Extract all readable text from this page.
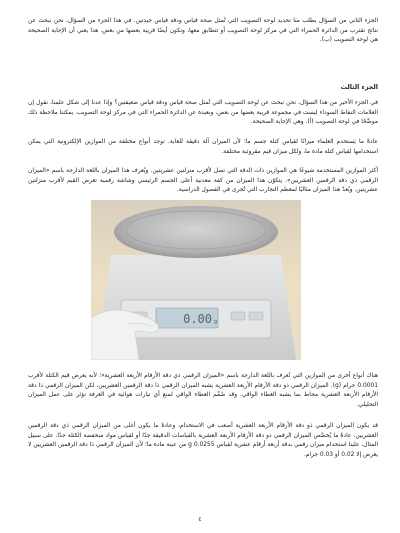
الجزء الثاني من السؤال يطلب منا تحديد لوحة التصويب التي تُمثل صحة قياس ودقة قياس جيدتين. في هذا الجزء من السؤال، نحن نبحث عن نتائج تقترب من الدائرة الحمراء التي في مركز لوحة التصويب أو تتطابق معها، وتكون أيضًا قريبة بعضها من بعض. هذا يعني أن الإجابة الصحيحة هي لوحة التصويب (ب).

الجزء الثالث

في الجزء الأخير من هذا السؤال، نحن نبحث عن لوحة التصويب التي تُمثل صحة قياس ودقة قياس ضعيفتين؟ وإذا عدنا إلى شكل علمنا، نقول إن العلامات النقاط السوداء ليست في مجموعة قريبة بعضها من بعض، وبعيدة عن الدائرة الحمراء التي في مركز لوحة التصويب. يمكننا ملاحظة ذلك موضَّحًا في لوحة التصويب (أ). وهي الإجابة الصحيحة.

عادةً ما يَستخدم العلماء ميزانًا لقياس كتلة جسم ما؛ لأن الميزان آلة دقيقة للغاية. توجد أنواع مختلفة من الموازين الإلكترونية التي يمكن استخدامها لقياس كتلة مادة ما، ولكل ميزان قيم مقروئية مختلفة.

أكثر الموازين المستخدمة شيوعًا هي الموازين ذات الدقة التي تصل لأقرب منزلتين عشريتين. ويُعرف هذا الميزان باللغة الدارجة باسم «الميزان الرقمي ذي دقة الرقمين العشريين». يتكوّن هذا الميزان من كفة معدنية أعلى الجسم الرئيسي وشاشة رقمية تعرض القيم لأقرب منزلتين عشريتين. ويُعدّ هذا الميزان مثاليًا لمعظم التجارب التي تُجرى في الفصول الدراسية.

0.00 g

هناك أنواع أخرى من الموازين التي تُعرف باللغة الدارجة باسم «الميزان الرقمي ذي دقة الأرقام الأربعة العشرية»؛ لأنه يعرض قيم الكتلة لأقرب 0.0001 جرام (g). الميزان الرقمي ذو دقة الأرقام الأربعة العشرية يشبه الميزان الرقمي ذا دقة الرقمين العشريين، لكن الميزان الرقمي ذا دقة الأرقام الأربعة العشرية محاط بما يشبه الغطاء الواقي. وقد صُمِّم الغطاء الواقي لمنع أي تيارات هوائية في الغرفة تؤثر على عمل الميزان التحليلي.

قد يكون الميزان الرقمي ذو دقة الأرقام الأربعة العشرية أصعب في الاستخدام، وعادةً ما يكون أغلى من الميزان الرقمي ذي دقة الرقمين العشريين. عادةً ما يُخصَّص الميزان الرقمي ذو دقة الأرقام الأربعة العشرية بالقياسات الدقيقة جدًا أو لقياس مواد منخفضة الكتلة جدًا. على سبيل المثال، علينا استخدام ميزان رقمي بدقة أربعة أرقام عشرية لقياس 0.0255 g من عينة مادة ما؛ لأن الميزان الرقمي ذا دقة الرقمين العشريين لا يعرض إلا 0.02 أو 0.03 جرام.

٤
